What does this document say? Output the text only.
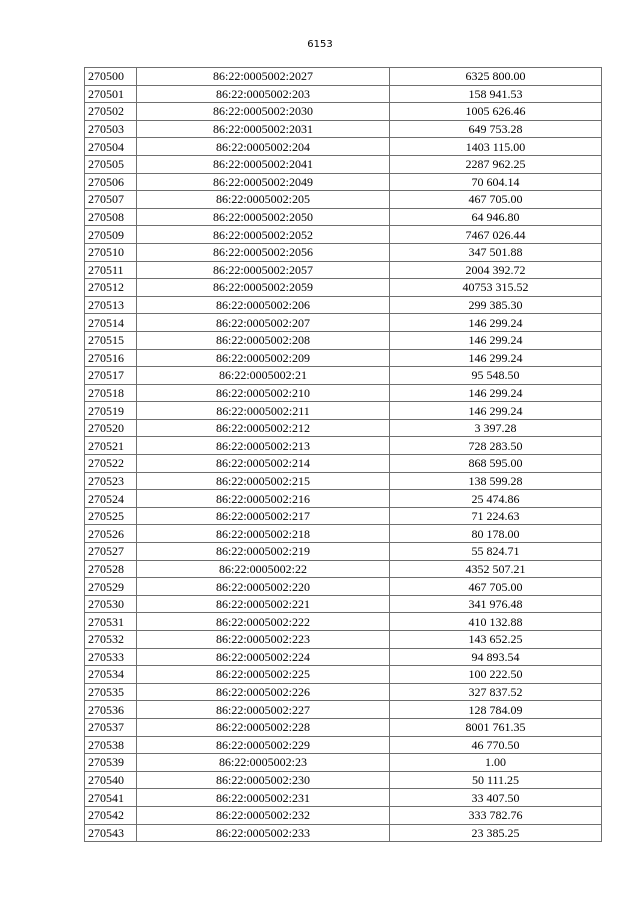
6153
270500	86:22:0005002:2027	6325 800.00
270501	86:22:0005002:203	158 941.53
270502	86:22:0005002:2030	1005 626.46
270503	86:22:0005002:2031	649 753.28
270504	86:22:0005002:204	1403 115.00
270505	86:22:0005002:2041	2287 962.25
270506	86:22:0005002:2049	70 604.14
270507	86:22:0005002:205	467 705.00
270508	86:22:0005002:2050	64 946.80
270509	86:22:0005002:2052	7467 026.44
270510	86:22:0005002:2056	347 501.88
270511	86:22:0005002:2057	2004 392.72
270512	86:22:0005002:2059	40753 315.52
270513	86:22:0005002:206	299 385.30
270514	86:22:0005002:207	146 299.24
270515	86:22:0005002:208	146 299.24
270516	86:22:0005002:209	146 299.24
270517	86:22:0005002:21	95 548.50
270518	86:22:0005002:210	146 299.24
270519	86:22:0005002:211	146 299.24
270520	86:22:0005002:212	3 397.28
270521	86:22:0005002:213	728 283.50
270522	86:22:0005002:214	868 595.00
270523	86:22:0005002:215	138 599.28
270524	86:22:0005002:216	25 474.86
270525	86:22:0005002:217	71 224.63
270526	86:22:0005002:218	80 178.00
270527	86:22:0005002:219	55 824.71
270528	86:22:0005002:22	4352 507.21
270529	86:22:0005002:220	467 705.00
270530	86:22:0005002:221	341 976.48
270531	86:22:0005002:222	410 132.88
270532	86:22:0005002:223	143 652.25
270533	86:22:0005002:224	94 893.54
270534	86:22:0005002:225	100 222.50
270535	86:22:0005002:226	327 837.52
270536	86:22:0005002:227	128 784.09
270537	86:22:0005002:228	8001 761.35
270538	86:22:0005002:229	46 770.50
270539	86:22:0005002:23	1.00
270540	86:22:0005002:230	50 111.25
270541	86:22:0005002:231	33 407.50
270542	86:22:0005002:232	333 782.76
270543	86:22:0005002:233	23 385.25
